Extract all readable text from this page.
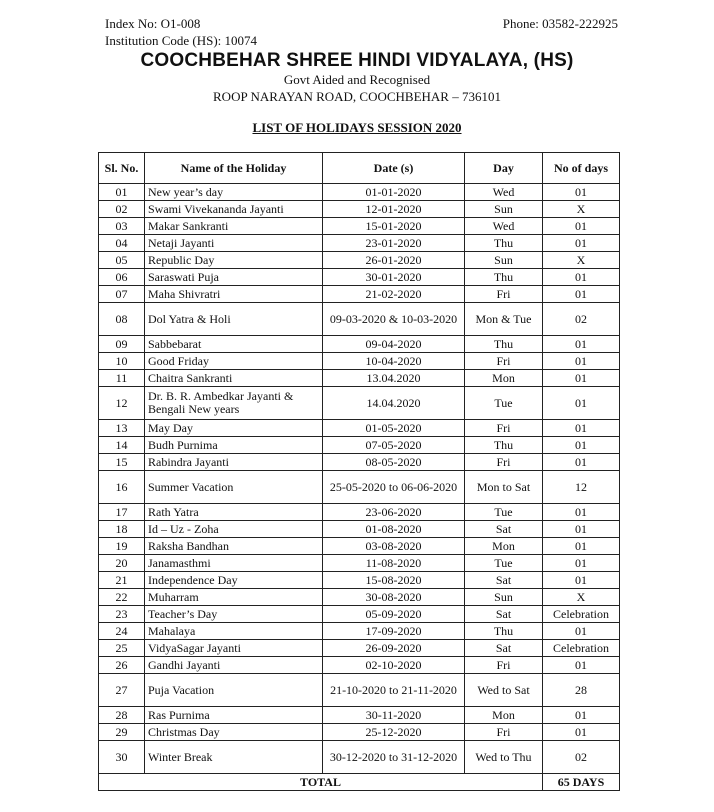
Index No: O1-008
Institution Code (HS): 10074
Phone: 03582-222925
COOCHBEHAR SHREE HINDI VIDYALAYA, (HS)
Govt Aided and Recognised
ROOP NARAYAN ROAD, COOCHBEHAR – 736101
LIST OF HOLIDAYS SESSION 2020
Sl. No.	Name of the Holiday	Date (s)	Day	No of days
01	New year’s day	01-01-2020	Wed	01
02	Swami Vivekananda Jayanti	12-01-2020	Sun	X
03	Makar Sankranti	15-01-2020	Wed	01
04	Netaji Jayanti	23-01-2020	Thu	01
05	Republic Day	26-01-2020	Sun	X
06	Saraswati Puja	30-01-2020	Thu	01
07	Maha Shivratri	21-02-2020	Fri	01
08	Dol Yatra & Holi	09-03-2020 & 10-03-2020	Mon & Tue	02
09	Sabbebarat	09-04-2020	Thu	01
10	Good Friday	10-04-2020	Fri	01
11	Chaitra Sankranti	13.04.2020	Mon	01
12	Dr. B. R. Ambedkar Jayanti & Bengali New years	14.04.2020	Tue	01
13	May Day	01-05-2020	Fri	01
14	Budh Purnima	07-05-2020	Thu	01
15	Rabindra Jayanti	08-05-2020	Fri	01
16	Summer Vacation	25-05-2020 to 06-06-2020	Mon to Sat	12
17	Rath Yatra	23-06-2020	Tue	01
18	Id – Uz - Zoha	01-08-2020	Sat	01
19	Raksha Bandhan	03-08-2020	Mon	01
20	Janamasthmi	11-08-2020	Tue	01
21	Independence Day	15-08-2020	Sat	01
22	Muharram	30-08-2020	Sun	X
23	Teacher’s Day	05-09-2020	Sat	Celebration
24	Mahalaya	17-09-2020	Thu	01
25	VidyaSagar Jayanti	26-09-2020	Sat	Celebration
26	Gandhi Jayanti	02-10-2020	Fri	01
27	Puja Vacation	21-10-2020 to 21-11-2020	Wed to Sat	28
28	Ras Purnima	30-11-2020	Mon	01
29	Christmas Day	25-12-2020	Fri	01
30	Winter Break	30-12-2020 to 31-12-2020	Wed to Thu	02
TOTAL				65 DAYS
